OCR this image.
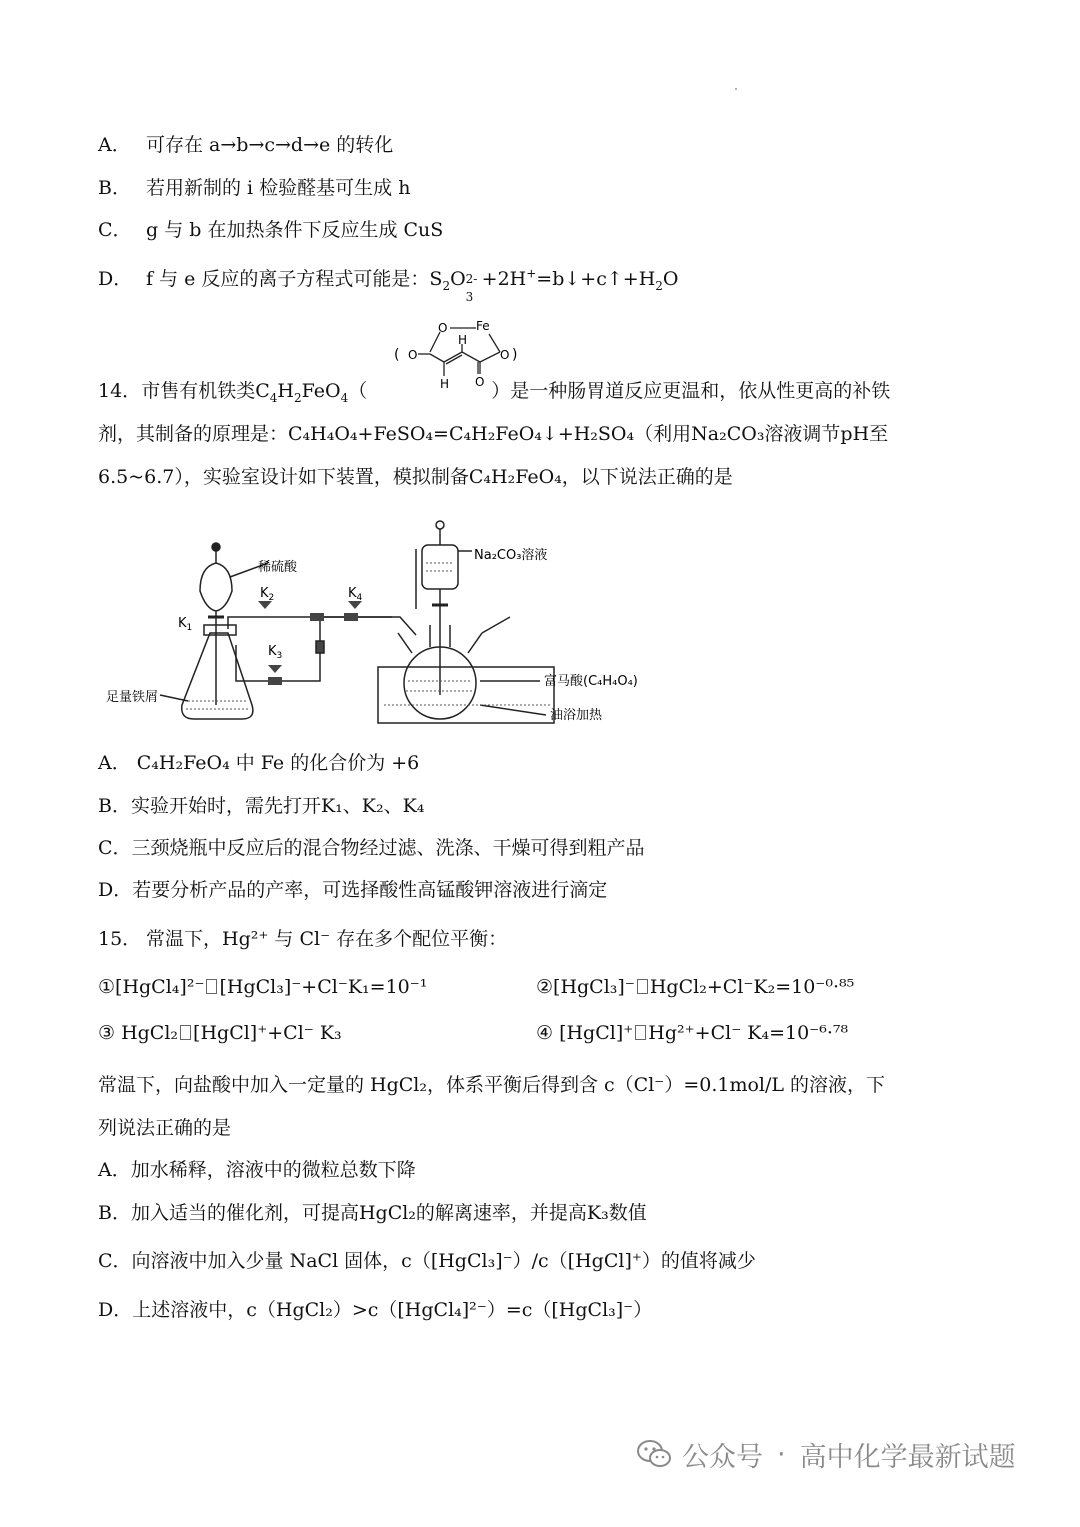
A． 可存在 a→b→c→d→e 的转化
B． 若用新制的 i 检验醛基可生成 h
C． g 与 b 在加热条件下反应生成 CuS
D． f 与 e 反应的离子方程式可能是：$S_2O$ 2-
3
$+2H^+=b↓+c↑+H_2O$
O Fe
O
H
O
H O
(	)
14．市售有机铁类$C_4H_2FeO_4$（	）是一种肠胃道反应更温和，依从性更高的补铁
剂，其制备的原理是：C₄H₄O₄+FeSO₄=C₄H₂FeO₄↓+H₂SO₄（利用Na₂CO₃溶液调节pH至
6.5~6.7），实验室设计如下装置，模拟制备C₄H₂FeO₄，以下说法正确的是
稀硫酸
$K_1$
$K_2$
$K_3$
$K_4$
足量铁屑
Na₂CO₃溶液
富马酸(C₄H₄O₄)
油浴加热
A． C₄H₂FeO₄ 中 Fe 的化合价为 +6
B．实验开始时，需先打开K₁、K₂、K₄
C．三颈烧瓶中反应后的混合物经过滤、洗涤、干燥可得到粗产品
D．若要分析产品的产率，可选择酸性高锰酸钾溶液进行滴定
15． 常温下，Hg²⁺ 与 Cl⁻ 存在多个配位平衡：
①[HgCl₄]²⁻ [HgCl₃]⁻+Cl⁻K₁=10⁻¹	②[HgCl₃]⁻ HgCl₂+Cl⁻K₂=10⁻⁰·⁸⁵
③ HgCl₂ [HgCl]⁺+Cl⁻ K₃	④ [HgCl]⁺ Hg²⁺+Cl⁻ K₄=10⁻⁶·⁷⁸
常温下，向盐酸中加入一定量的 HgCl₂，体系平衡后得到含 c（Cl⁻）=0.1mol/L 的溶液，下
列说法正确的是
A．加水稀释，溶液中的微粒总数下降
B．加入适当的催化剂，可提高HgCl₂的解离速率，并提高K₃数值
C．向溶液中加入少量 NaCl 固体，c（[HgCl₃]⁻）/c（[HgCl]⁺）的值将减少
D．上述溶液中，c（HgCl₂）>c（[HgCl₄]²⁻）=c（[HgCl₃]⁻）
公众号 · 高中化学最新试题
